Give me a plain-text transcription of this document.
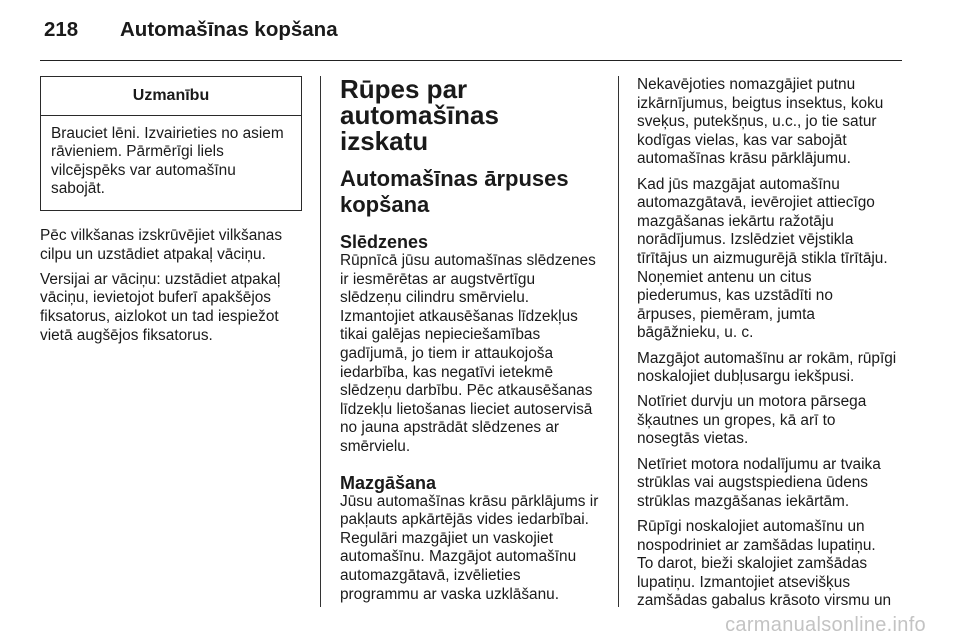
218 Automašīnas kopšana
Uzmanību
Brauciet lēni. Izvairieties no asiem
rāvieniem. Pārmērīgi liels
vilcējspēks var automašīnu
sabojāt.

Pēc vilkšanas izskrūvējiet vilkšanas
cilpu un uzstādiet atpakaļ vāciņu.

Versijai ar vāciņu: uzstādiet atpakaļ
vāciņu, ievietojot buferī apakšējos
fiksatorus, aizlokot un tad iespiežot
vietā augšējos fiksatorus.

Rūpes par automašīnas
izskatu
Automašīnas ārpuses
kopšana
Slēdzenes

Rūpnīcā jūsu automašīnas slēdzenes
ir iesmērētas ar augstvērtīgu
slēdzeņu cilindru smērvielu.
Izmantojiet atkausēšanas līdzekļus
tikai galējas nepieciešamības
gadījumā, jo tiem ir attaukojoša
iedarbība, kas negatīvi ietekmē
slēdzeņu darbību. Pēc atkausēšanas
līdzekļu lietošanas lieciet autoservisā
no jauna apstrādāt slēdzenes ar
smērvielu.

Mazgāšana

Jūsu automašīnas krāsu pārklājums ir
pakļauts apkārtējās vides iedarbībai.
Regulāri mazgājiet un vaskojiet
automašīnu. Mazgājot automašīnu
automazgātavā, izvēlieties
programmu ar vaska uzklāšanu.

Nekavējoties nomazgājiet putnu
izkārnījumus, beigtus insektus, koku
sveķus, putekšņus, u.c., jo tie satur
kodīgas vielas, kas var sabojāt
automašīnas krāsu pārklājumu.

Kad jūs mazgājat automašīnu
automazgātavā, ievērojiet attiecīgo
mazgāšanas iekārtu ražotāju
norādījumus. Izslēdziet vējstikla
tīrītājus un aizmugurējā stikla tīrītāju.
Noņemiet antenu un citus
piederumus, kas uzstādīti no
ārpuses, piemēram, jumta
bāgāžnieku, u. c.

Mazgājot automašīnu ar rokām, rūpīgi
noskalojiet dubļusargu iekšpusi.

Notīriet durvju un motora pārsega
šķautnes un gropes, kā arī to
nosegtās vietas.

Netīriet motora nodalījumu ar tvaika
strūklas vai augstspiediena ūdens
strūklas mazgāšanas iekārtām.

Rūpīgi noskalojiet automašīnu un
nospodriniet ar zamšādas lupatiņu.
To darot, bieži skalojiet zamšādas
lupatiņu. Izmantojiet atsevišķus
zamšādas gabalus krāsoto virsmu un

carmanualsonline.info
